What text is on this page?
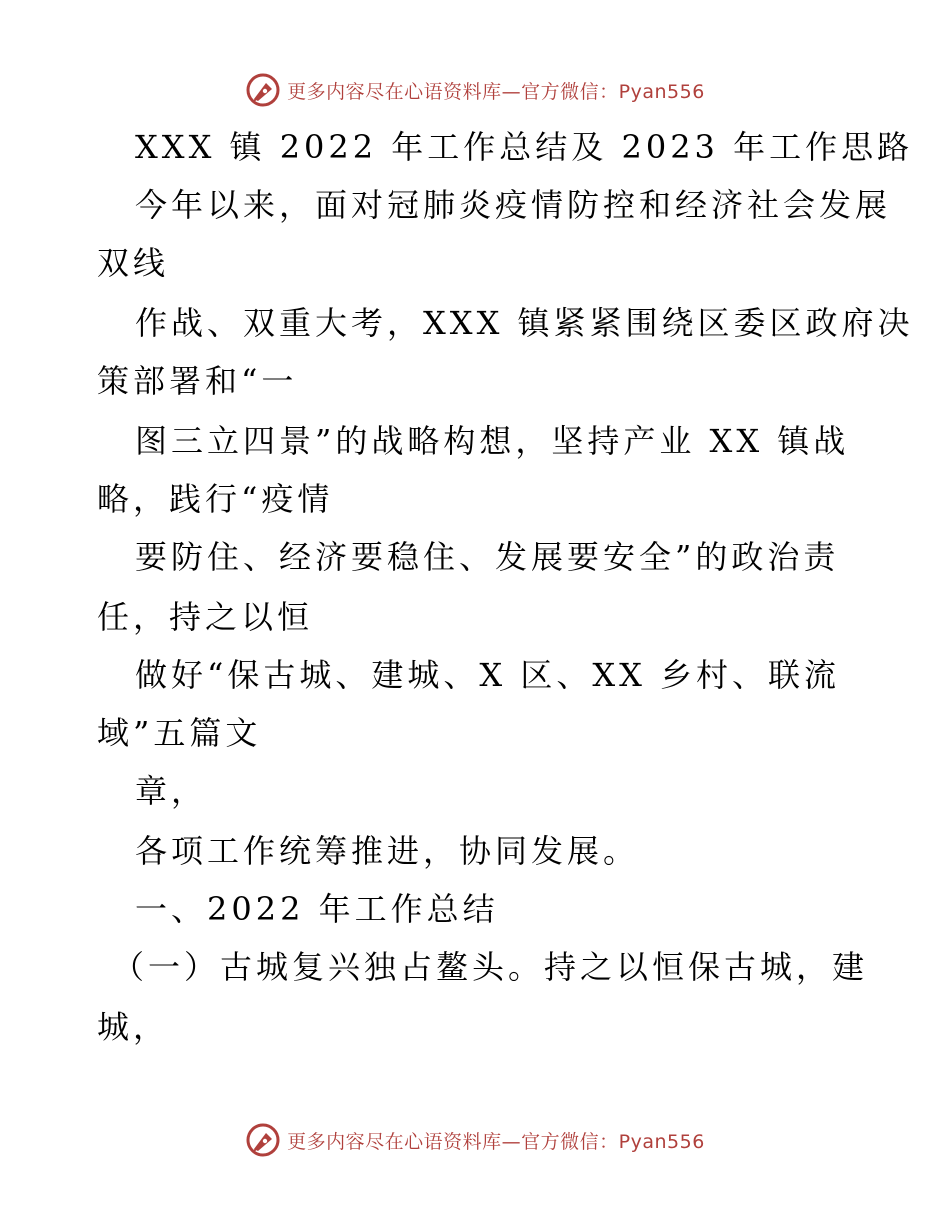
更多内容尽在心语资料库—官方微信：Pyan556
XXX 镇 2022 年工作总结及 2023 年工作思路
今年以来，面对冠肺炎疫情防控和经济社会发展
双线
作战、双重大考，XXX 镇紧紧围绕区委区政府决
策部署和“一
图三立四景”的战略构想，坚持产业 XX 镇战
略，践行“疫情
要防住、经济要稳住、发展要安全”的政治责
任，持之以恒
做好“保古城、建城、X 区、XX 乡村、联流
域”五篇文
章，
各项工作统筹推进，协同发展。
一、2022 年工作总结
（一）古城复兴独占鳌头。持之以恒保古城，建
城，
更多内容尽在心语资料库—官方微信：Pyan556
